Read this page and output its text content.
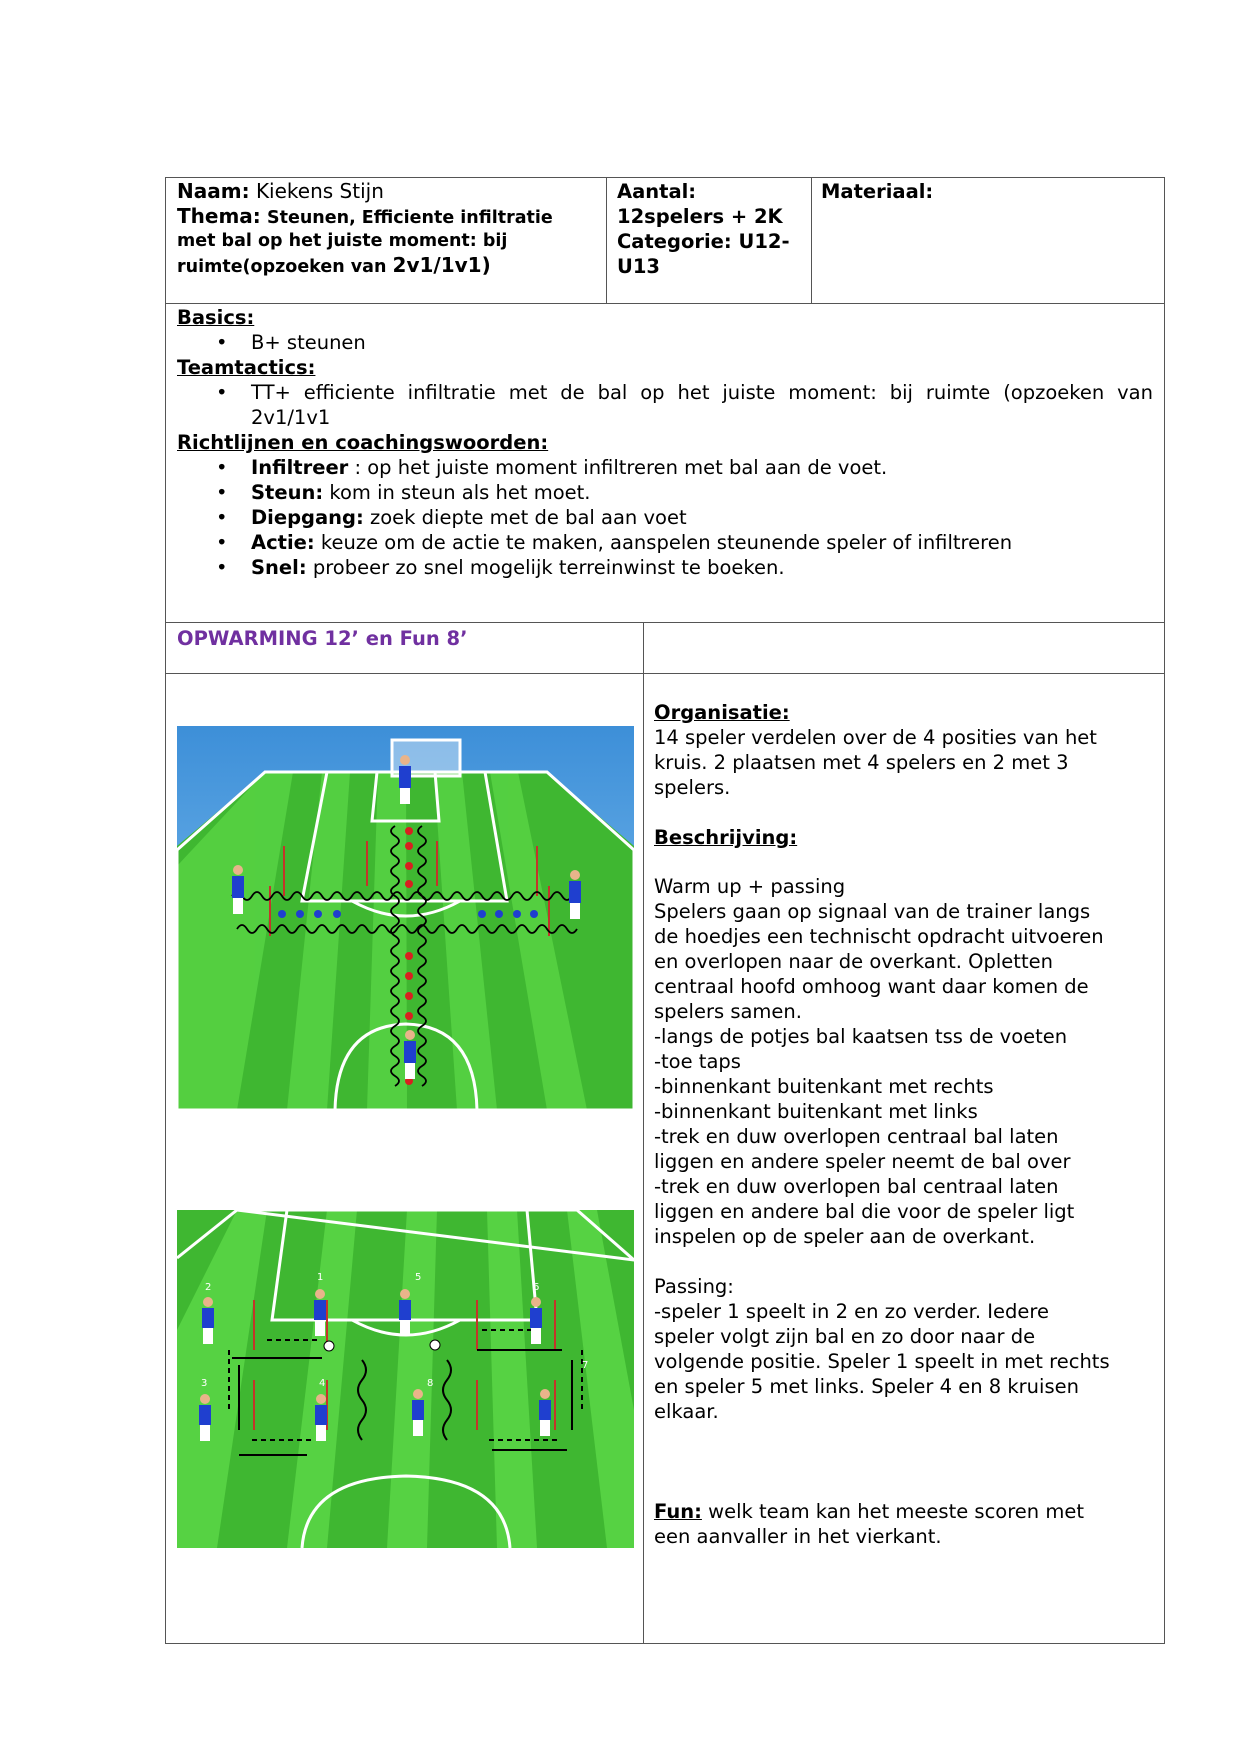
Naam: Kiekens Stijn
Thema: Steunen, Efficiente infiltratie
met bal op het juiste moment: bij
ruimte(opzoeken van 2v1/1v1)
Aantal:
12spelers + 2K
Categorie: U12-
U13
Materiaal:
Basics:
• B+ steunen
Teamtactics:
• TT+ efficiente infiltratie met de bal op het juiste moment: bij ruimte (opzoeken van
2v1/1v1
Richtlijnen en coachingswoorden:
• Infiltreer : op het juiste moment infiltreren met bal aan de voet.
• Steun: kom in steun als het moet.
• Diepgang: zoek diepte met de bal aan voet
• Actie: keuze om de actie te maken, aanspelen steunende speler of infiltreren
• Snel: probeer zo snel mogelijk terreinwinst te boeken.
OPWARMING 12’ en Fun 8’
1
2
3	4
5
6
7
8
Organisatie:
14 speler verdelen over de 4 posities van het
kruis. 2 plaatsen met 4 spelers en 2 met 3
spelers.
Beschrijving:
Warm up + passing
Spelers gaan op signaal van de trainer langs
de hoedjes een technischt opdracht uitvoeren
en overlopen naar de overkant. Opletten
centraal hoofd omhoog want daar komen de
spelers samen.
-langs de potjes bal kaatsen tss de voeten
-toe taps
-binnenkant buitenkant met rechts
-binnenkant buitenkant met links
-trek en duw overlopen centraal bal laten
liggen en andere speler neemt de bal over
-trek en duw overlopen bal centraal laten
liggen en andere bal die voor de speler ligt
inspelen op de speler aan de overkant.
Passing:
-speler 1 speelt in 2 en zo verder. Iedere
speler volgt zijn bal en zo door naar de
volgende positie. Speler 1 speelt in met rechts
en speler 5 met links. Speler 4 en 8 kruisen
elkaar.
Fun: welk team kan het meeste scoren met
een aanvaller in het vierkant.
